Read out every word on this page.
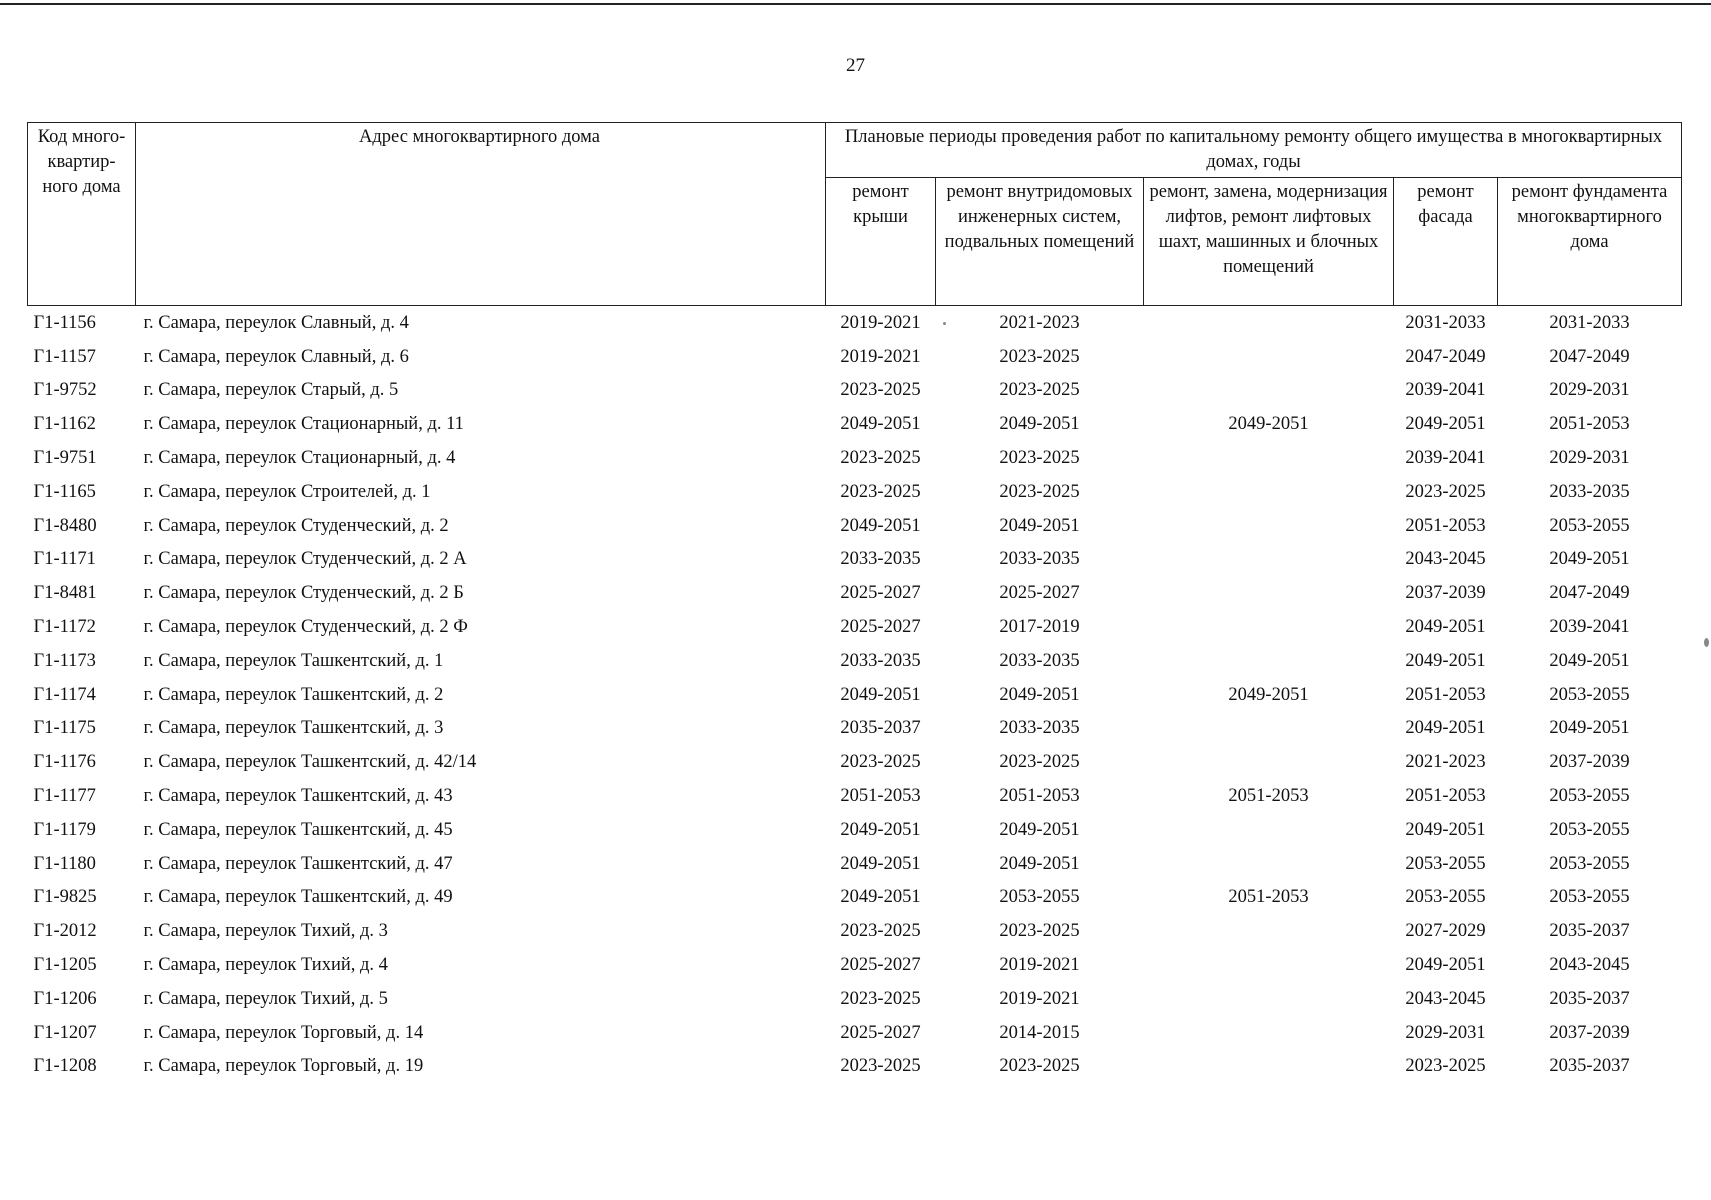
27
Код много-квартир-ного дома	Адрес многоквартирного дома	Плановые периоды проведения работ по капитальному ремонту общего имущества в многоквартирных домах, годы				
		ремонт крыши	ремонт внутридомовых инженерных систем, подвальных помещений	ремонт, замена, модернизация лифтов, ремонт лифтовых шахт, машинных и блочных помещений	ремонт фасада	ремонт фундамента многоквартирного дома
Г1-1156	г. Самара, переулок Славный, д. 4	2019-2021	2021-2023		2031-2033	2031-2033
Г1-1157	г. Самара, переулок Славный, д. 6	2019-2021	2023-2025		2047-2049	2047-2049
Г1-9752	г. Самара, переулок Старый, д. 5	2023-2025	2023-2025		2039-2041	2029-2031
Г1-1162	г. Самара, переулок Стационарный, д. 11	2049-2051	2049-2051	2049-2051	2049-2051	2051-2053
Г1-9751	г. Самара, переулок Стационарный, д. 4	2023-2025	2023-2025		2039-2041	2029-2031
Г1-1165	г. Самара, переулок Строителей, д. 1	2023-2025	2023-2025		2023-2025	2033-2035
Г1-8480	г. Самара, переулок Студенческий, д. 2	2049-2051	2049-2051		2051-2053	2053-2055
Г1-1171	г. Самара, переулок Студенческий, д. 2 А	2033-2035	2033-2035		2043-2045	2049-2051
Г1-8481	г. Самара, переулок Студенческий, д. 2 Б	2025-2027	2025-2027		2037-2039	2047-2049
Г1-1172	г. Самара, переулок Студенческий, д. 2 Ф	2025-2027	2017-2019		2049-2051	2039-2041
Г1-1173	г. Самара, переулок Ташкентский, д. 1	2033-2035	2033-2035		2049-2051	2049-2051
Г1-1174	г. Самара, переулок Ташкентский, д. 2	2049-2051	2049-2051	2049-2051	2051-2053	2053-2055
Г1-1175	г. Самара, переулок Ташкентский, д. 3	2035-2037	2033-2035		2049-2051	2049-2051
Г1-1176	г. Самара, переулок Ташкентский, д. 42/14	2023-2025	2023-2025		2021-2023	2037-2039
Г1-1177	г. Самара, переулок Ташкентский, д. 43	2051-2053	2051-2053	2051-2053	2051-2053	2053-2055
Г1-1179	г. Самара, переулок Ташкентский, д. 45	2049-2051	2049-2051		2049-2051	2053-2055
Г1-1180	г. Самара, переулок Ташкентский, д. 47	2049-2051	2049-2051		2053-2055	2053-2055
Г1-9825	г. Самара, переулок Ташкентский, д. 49	2049-2051	2053-2055	2051-2053	2053-2055	2053-2055
Г1-2012	г. Самара, переулок Тихий, д. 3	2023-2025	2023-2025		2027-2029	2035-2037
Г1-1205	г. Самара, переулок Тихий, д. 4	2025-2027	2019-2021		2049-2051	2043-2045
Г1-1206	г. Самара, переулок Тихий, д. 5	2023-2025	2019-2021		2043-2045	2035-2037
Г1-1207	г. Самара, переулок Торговый, д. 14	2025-2027	2014-2015		2029-2031	2037-2039
Г1-1208	г. Самара, переулок Торговый, д. 19	2023-2025	2023-2025		2023-2025	2035-2037
